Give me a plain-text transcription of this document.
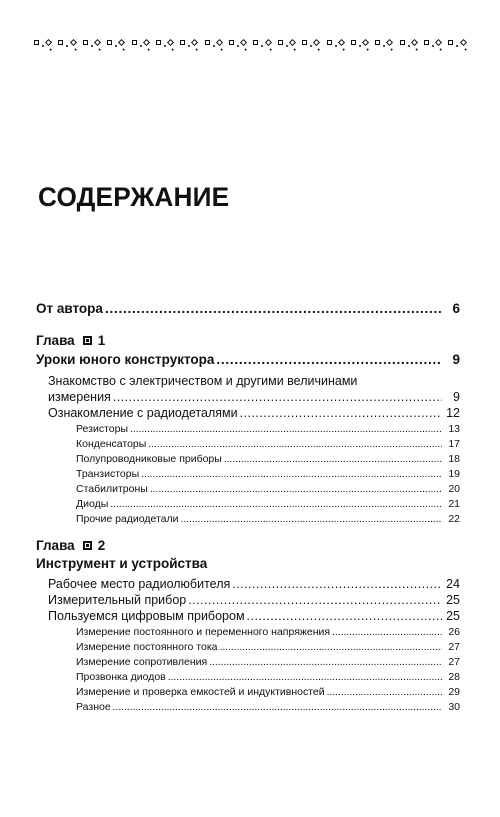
СОДЕРЖАНИЕ
От автора . . .	6
Глава 1
Уроки юного конструктора . . .	9
Знакомство с электричеством и другими величинами
измерения . . .	9
Ознакомление с радиодеталями . . .	12
Резисторы . . .	13
Конденсаторы . . .	17
Полупроводниковые приборы . . .	18
Транзисторы . . .	19
Стабилитроны . . .	20
Диоды . . .	21
Прочие радиодетали . . .	22
Глава 2
Инструмент и устройства
Рабочее место радиолюбителя . . .	24
Измерительный прибор . . .	25
Пользуемся цифровым прибором . . .	25
Измерение постоянного и переменного напряжения . . .	26
Измерение постоянного тока . . .	27
Измерение сопротивления . . .	27
Прозвонка диодов . . .	28
Измерение и проверка емкостей и индуктивностей . . .	29
Разное . . .	30
